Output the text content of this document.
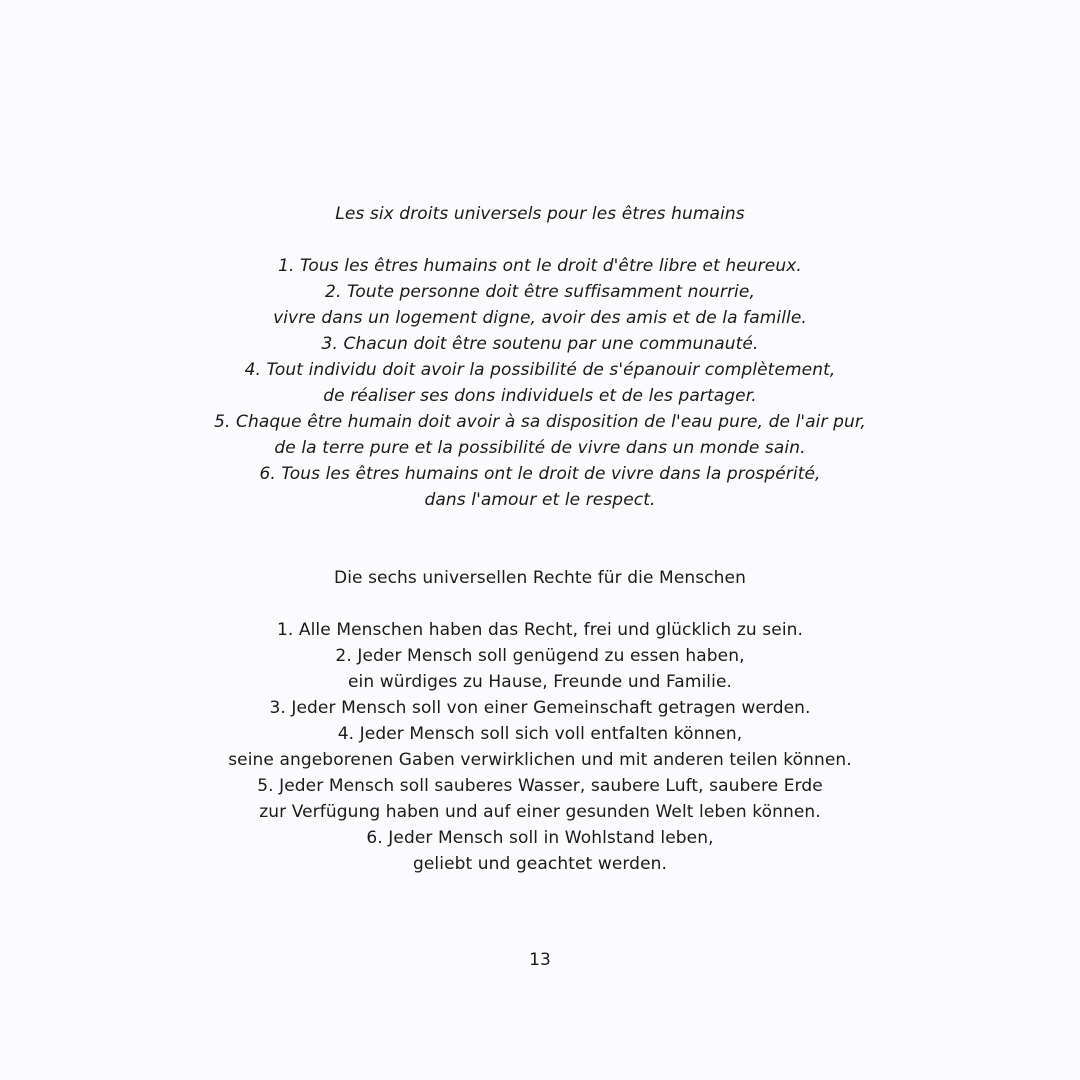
Les six droits universels pour les êtres humains
1. Tous les êtres humains ont le droit d'être libre et heureux.
2. Toute personne doit être suffisamment nourrie,
vivre dans un logement digne, avoir des amis et de la famille.
3. Chacun doit être soutenu par une communauté.
4. Tout individu doit avoir la possibilité de s'épanouir complètement,
de réaliser ses dons individuels et de les partager.
5. Chaque être humain doit avoir à sa disposition de l'eau pure, de l'air pur,
de la terre pure et la possibilité de vivre dans un monde sain.
6. Tous les êtres humains ont le droit de vivre dans la prospérité,
dans l'amour et le respect.
Die sechs universellen Rechte für die Menschen
1. Alle Menschen haben das Recht, frei und glücklich zu sein.
2. Jeder Mensch soll genügend zu essen haben,
ein würdiges zu Hause, Freunde und Familie.
3. Jeder Mensch soll von einer Gemeinschaft getragen werden.
4. Jeder Mensch soll sich voll entfalten können,
seine angeborenen Gaben verwirklichen und mit anderen teilen können.
5. Jeder Mensch soll sauberes Wasser, saubere Luft, saubere Erde
zur Verfügung haben und auf einer gesunden Welt leben können.
6. Jeder Mensch soll in Wohlstand leben,
geliebt und geachtet werden.
13
